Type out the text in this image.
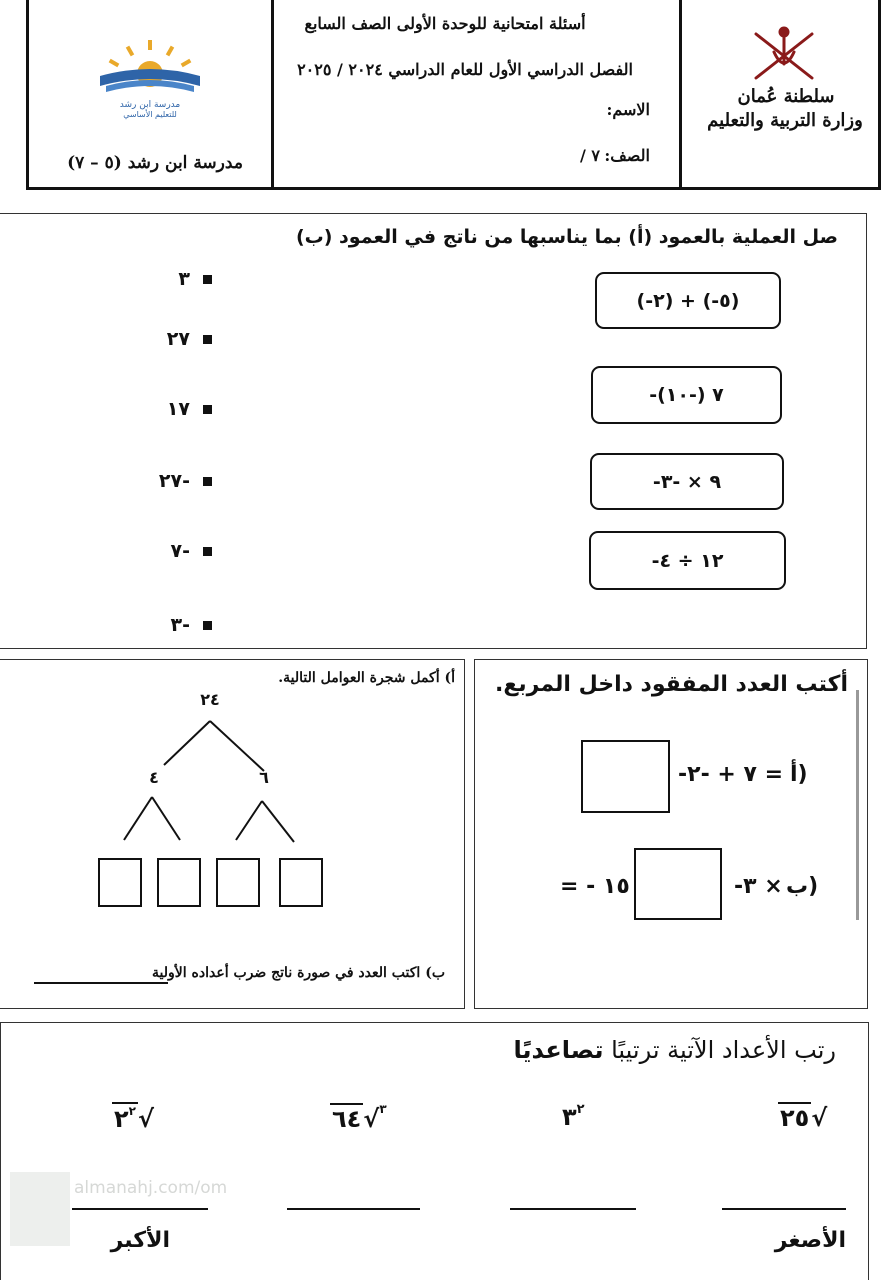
سلطنة عُمان
وزارة التربية والتعليم
أسئلة امتحانية للوحدة الأولى الصف السابع
الفصل الدراسي الأول للعام الدراسي ٢٠٢٤ / ٢٠٢٥
الاسم:
الصف:
٧ /
مدرسة ابن رشد
للتعليم الأساسي
مدرسة ابن رشد (٥ – ٧)
صل العملية بالعمود (أ) بما يناسبها من ناتج في العمود (ب)
(-٢) + (-٥)
-٧ (-١٠)
-٩ × -٣
-١٢ ÷ ٤
٣
٢٧
١٧
-٢٧
-٧
-٣
أ) أكمل شجرة العوامل التالية.
٢٤
٤	٦
ب) اكتب العدد في صورة ناتج ضرب أعداده الأولية
أكتب العدد المفقود داخل المربع.
-٧ + -٢ = أ)
= - ١٥	-٣ × ب)
رتب الأعداد الآتية ترتيبًا تصاعديًا
٢٥√
$٣^٢$
٦٤√$^٣$
$٢^٢√$
الأصغر
الأكبر
almanahj.com/om
